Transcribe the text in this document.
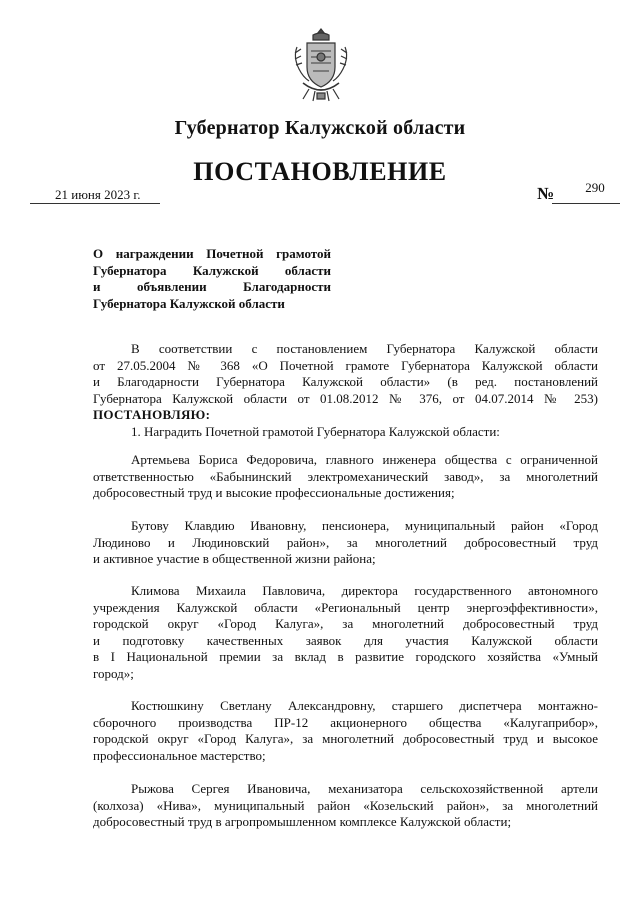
Губернатор Калужской области
ПОСТАНОВЛЕНИЕ
21 июня 2023 г.	№	290
О награждении Почетной грамотой
Губернатора Калужской области
и объявлении Благодарности
Губернатора Калужской области
В соответствии с постановлением Губернатора Калужской области
от 27.05.2004 № 368 «О Почетной грамоте Губернатора Калужской области
и Благодарности Губернатора Калужской области» (в ред. постановлений
Губернатора Калужской области от 01.08.2012 № 376, от 04.07.2014 № 253)
ПОСТАНОВЛЯЮ:
1. Наградить Почетной грамотой Губернатора Калужской области:
Артемьева Бориса Федоровича, главного инженера общества с ограниченной
ответственностью «Бабынинский электромеханический завод», за многолетний
добросовестный труд и высокие профессиональные достижения;
Бутову Клавдию Ивановну, пенсионера, муниципальный район «Город
Людиново и Людиновский район», за многолетний добросовестный труд
и активное участие в общественной жизни района;
Климова Михаила Павловича, директора государственного автономного
учреждения Калужской области «Региональный центр энергоэффективности»,
городской округ «Город Калуга», за многолетний добросовестный труд
и подготовку качественных заявок для участия Калужской области
в I Национальной премии за вклад в развитие городского хозяйства «Умный
город»;
Костюшкину Светлану Александровну, старшего диспетчера монтажно-
сборочного производства ПР-12 акционерного общества «Калугаприбор»,
городской округ «Город Калуга», за многолетний добросовестный труд и высокое
профессиональное мастерство;
Рыжова Сергея Ивановича, механизатора сельскохозяйственной артели
(колхоза) «Нива», муниципальный район «Козельский район», за многолетний
добросовестный труд в агропромышленном комплексе Калужской области;
